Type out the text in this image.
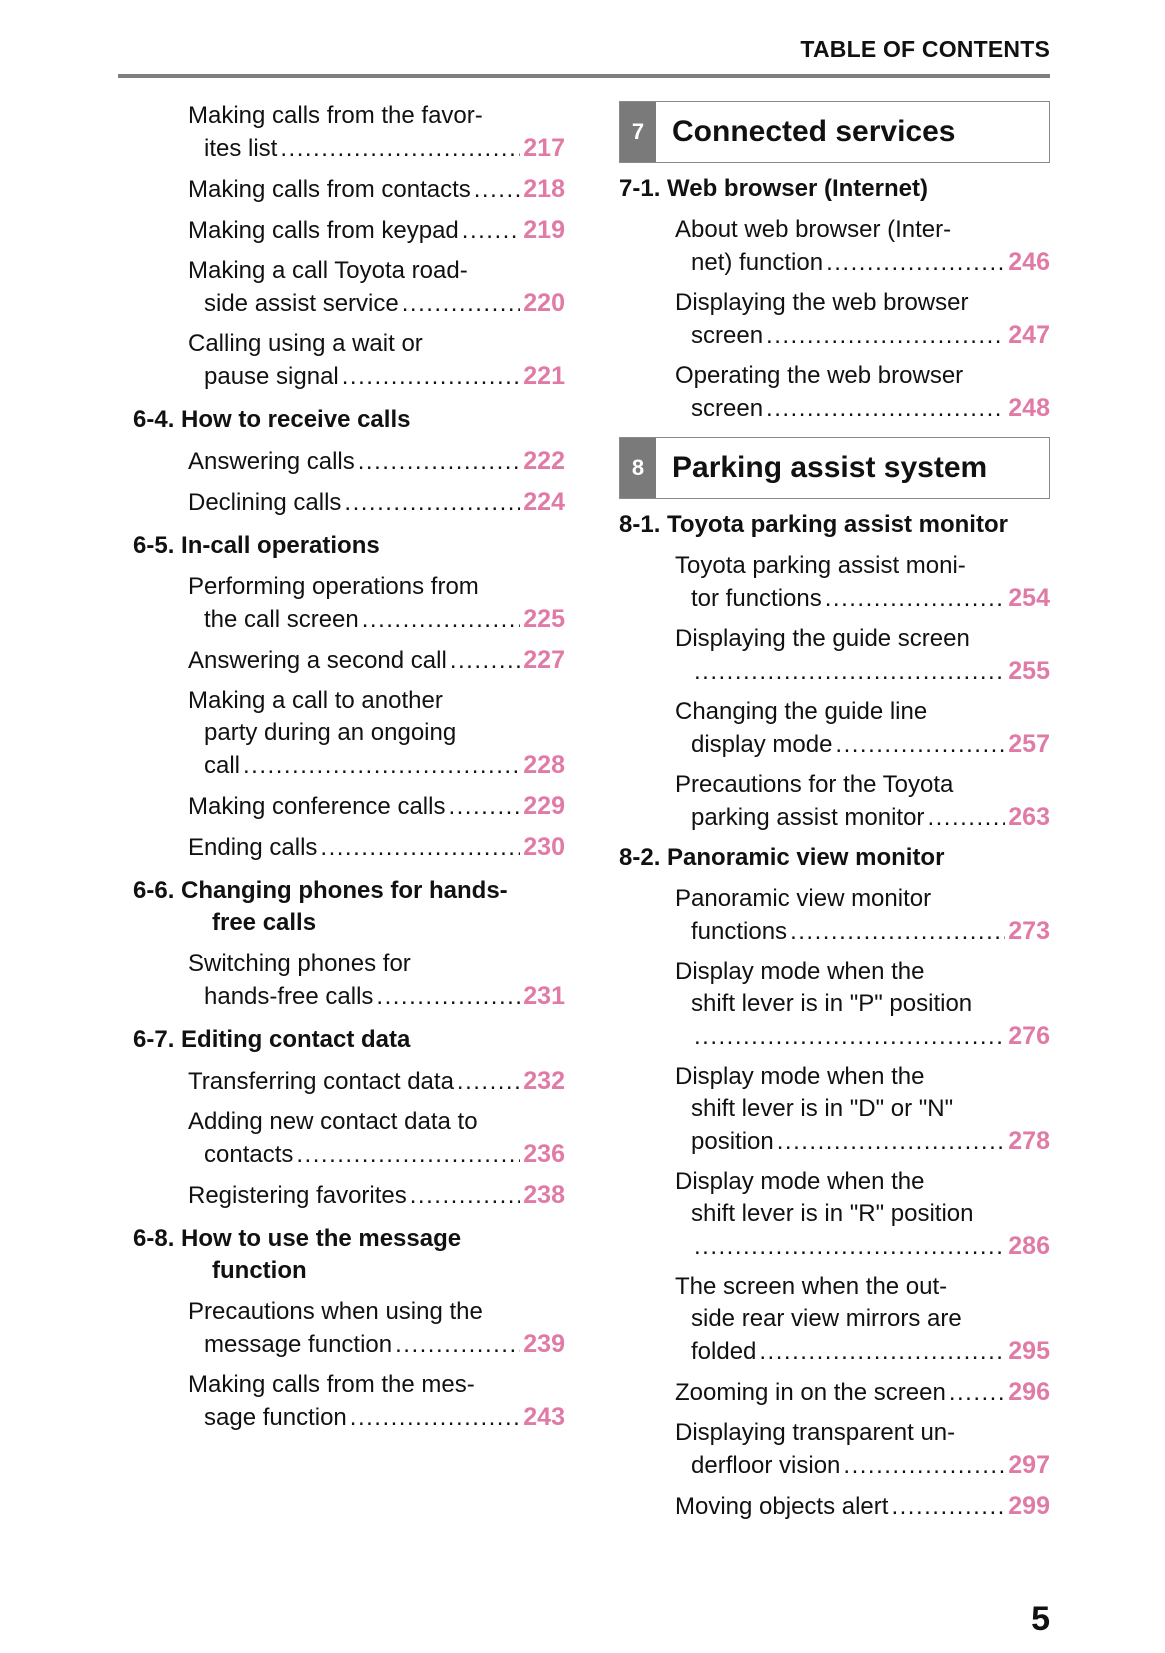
TABLE OF CONTENTS
Making calls from the favor-
ites list .....	217
Making calls from contacts ..... 218
Making calls from keypad .....	219
Making a call Toyota road-
side assist service .....	220
Calling using a wait or
pause signal .....	221
6-4. How to receive calls
Answering calls .....	222
Declining calls .....	224
6-5. In-call operations
Performing operations from
the call screen .....	225
Answering a second call .....	227
Making a call to another
party during an ongoing
call .....	228
Making conference calls .....	229
Ending calls .....	230
6-6. Changing phones for hands-
free calls
Switching phones for
hands-free calls .....	231
6-7. Editing contact data
Transferring contact data .....	232
Adding new contact data to
contacts .....	236
Registering favorites .....	238
6-8. How to use the message
function
Precautions when using the
message function .....	239
Making calls from the mes-
sage function .....	243
7 Connected services
7-1. Web browser (Internet)
About web browser (Inter-
net) function .....	246
Displaying the web browser
screen .....	247
Operating the web browser
screen .....	248
8 Parking assist system
8-1. Toyota parking assist monitor
Toyota parking assist moni-
tor functions .....	254
Displaying the guide screen
.....
255
Changing the guide line
display mode .....	257
Precautions for the Toyota
parking assist monitor .....	263
8-2. Panoramic view monitor
Panoramic view monitor
functions .....	273
Display mode when the
shift lever is in "P" position
.....
276
Display mode when the
shift lever is in "D" or "N"
position .....	278
Display mode when the
shift lever is in "R" position
.....
286
The screen when the out-
side rear view mirrors are
folded .....	295
Zooming in on the screen ..... 296
Displaying transparent un-
derfloor vision .....	297
Moving objects alert .....	299
5
